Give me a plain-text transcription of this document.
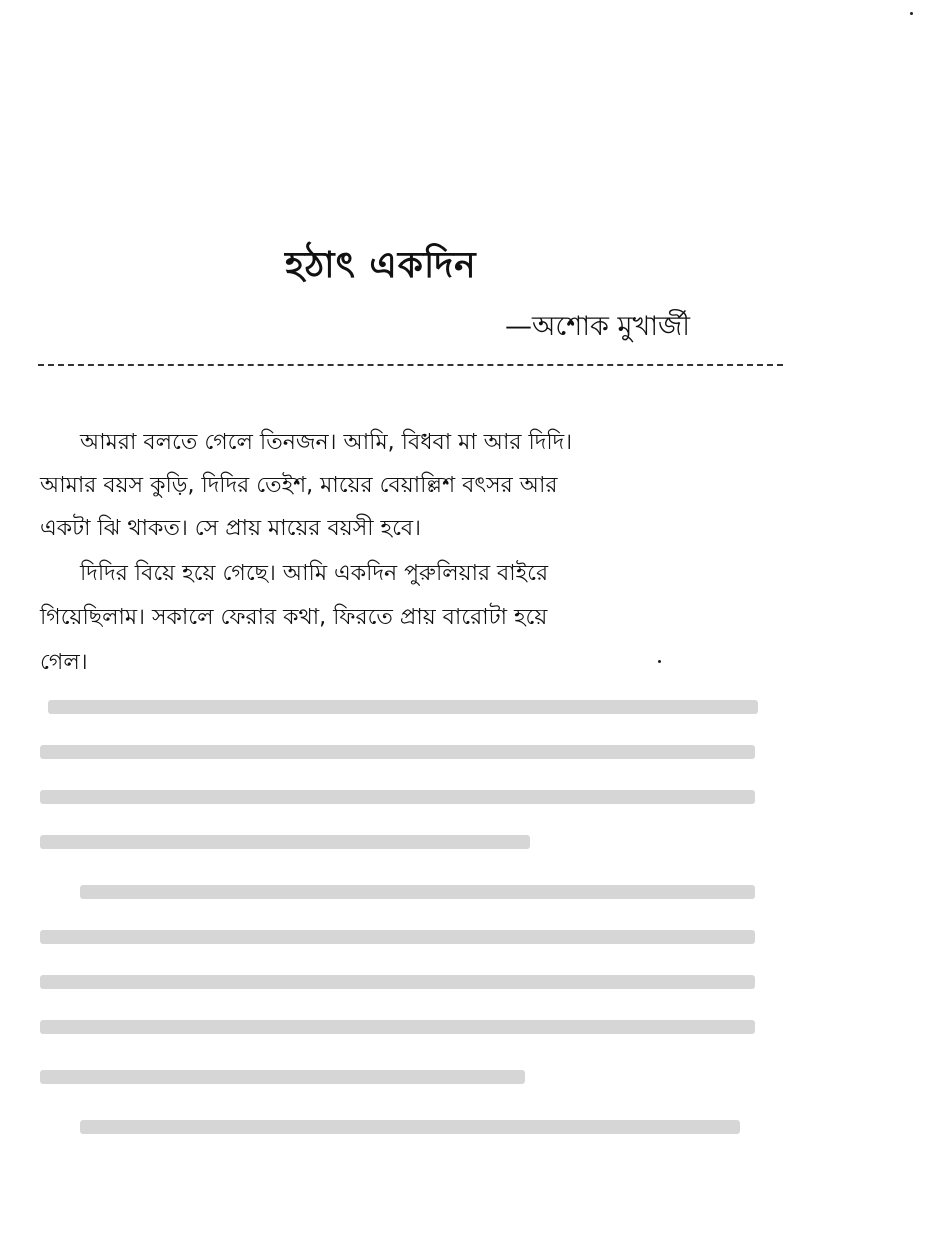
হঠাৎ একদিন
—অশোক মুখার্জী
আমরা বলতে গেলে তিনজন। আমি, বিধবা মা আর দিদি।
আমার বয়স কুড়ি, দিদির তেইশ, মায়ের বেয়াল্লিশ বৎসর আর
একটা ঝি থাকত। সে প্রায় মায়ের বয়সী হবে।
দিদির বিয়ে হয়ে গেছে। আমি একদিন পুরুলিয়ার বাইরে
গিয়েছিলাম। সকালে ফেরার কথা, ফিরতে প্রায় বারোটা হয়ে
গেল।
